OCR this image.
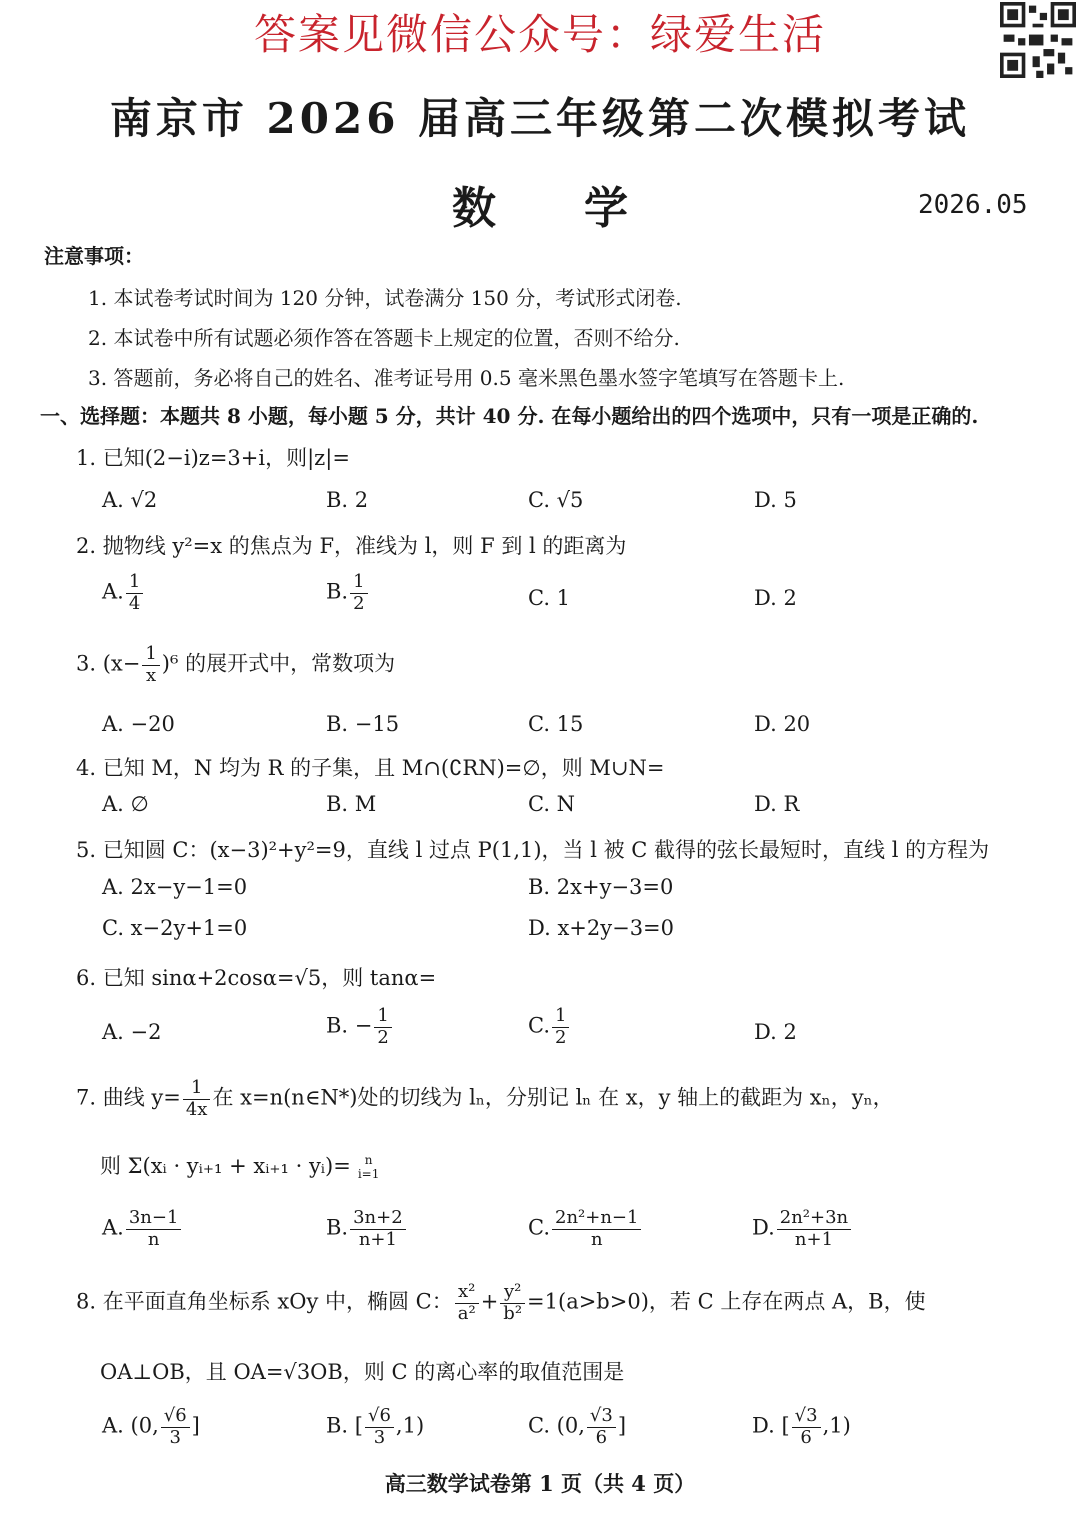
答案见微信公众号：绿爱生活
南京市 2026 届高三年级第二次模拟考试
数 学	2026.05
注意事项：
1. 本试卷考试时间为 120 分钟，试卷满分 150 分，考试形式闭卷.
2. 本试卷中所有试题必须作答在答题卡上规定的位置，否则不给分.
3. 答题前，务必将自己的姓名、准考证号用 0.5 毫米黑色墨水签字笔填写在答题卡上.
一、选择题：本题共 8 小题，每小题 5 分，共计 40 分. 在每小题给出的四个选项中，只有一项是正确的.
1. 已知(2−i)z=3+i，则|z|=
A. √2	B. 2	C. √5	D. 5
2. 抛物线 y²=x 的焦点为 F，准线为 l，则 F 到 l 的距离为
A. $\frac{1}{4}$	B. $\frac{1}{2}$	C. 1	D. 2
3. $(x- \frac{1}{x} )^6$ 的展开式中，常数项为
A. −20	B. −15	C. 15	D. 20
4. 已知 M，N 均为 R 的子集，且 M∩(∁RN)=∅，则 M∪N=
A. ∅	B. M	C. N	D. R
5. 已知圆 C：(x−3)²+y²=9，直线 l 过点 P(1,1)，当 l 被 C 截得的弦长最短时，直线 l 的方程为
A. 2x−y−1=0	B. 2x+y−3=0
C. x−2y+1=0	D. x+2y−3=0
6. 已知 sinα+2cosα=√5，则 tanα=
A. −2	B. − $\frac{1}{2}$	C. $\frac{1}{2}$	D. 2
7. 曲线 $y= \frac{1}{4x}$ 在 x=n(n∈N*)处的切线为 lₙ，分别记 lₙ 在 x，y 轴上的截距为 xₙ，yₙ，
则 Σ(xᵢ · yᵢ₊₁ + xᵢ₊₁ · yᵢ)=	n
i=1
A. $\frac{3n-1}{n}$	B. $\frac{3n+2}{n+1}$	C. $\frac{\text{2n²+n−1}}{n}$	D. $\frac{\text{2n²+3n}}{n+1}$
8. 在平面直角坐标系 xOy 中，椭圆 C： $\frac{\text{x²}}{\text{a²}} + \frac{\text{y²}}{\text{b²}} =1(a>b>0)$，若 C 上存在两点 A，B，使
OA⊥OB，且 OA=√3OB，则 C 的离心率的取值范围是
A. (0, $\frac{√6}{3}$ ]	B. [ $\frac{√6}{3} ,1$)	C. (0, $\frac{√3}{6}$ ]	D. [ $\frac{√3}{6} ,1$)
高三数学试卷第 1 页（共 4 页）
